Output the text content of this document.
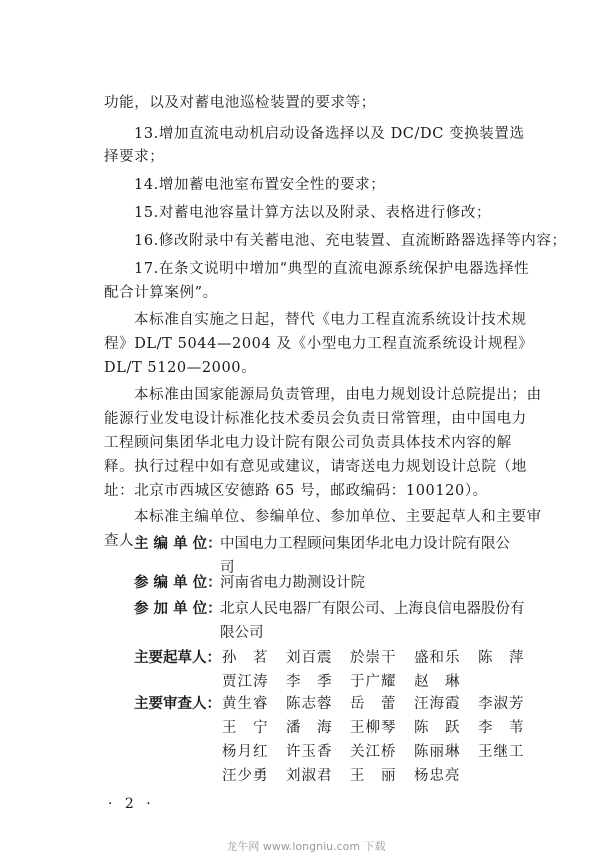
功能，以及对蓄电池巡检装置的要求等；
13.增加直流电动机启动设备选择以及 DC/DC 变换装置选
择要求；
14.增加蓄电池室布置安全性的要求；
15.对蓄电池容量计算方法以及附录、表格进行修改；
16.修改附录中有关蓄电池、充电装置、直流断路器选择等内容；
17.在条文说明中增加“典型的直流电源系统保护电器选择性
配合计算案例”。
本标准自实施之日起，替代《电力工程直流系统设计技术规
程》DL/T 5044—2004 及《小型电力工程直流系统设计规程》
DL/T 5120—2000。
本标准由国家能源局负责管理，由电力规划设计总院提出；由
能源行业发电设计标准化技术委员会负责日常管理，由中国电力
工程顾问集团华北电力设计院有限公司负责具体技术内容的解
释。执行过程中如有意见或建议，请寄送电力规划设计总院（地
址：北京市西城区安德路 65 号，邮政编码：100120）。
本标准主编单位、参编单位、参加单位、主要起草人和主要审
查人：
主 编 单 位：
中国电力工程顾问集团华北电力设计院有限公
司
参 编 单 位：
河南省电力勘测设计院
参 加 单 位：
北京人民电器厂有限公司、上海良信电器股份有
限公司
主要起草人： 孙　茗 刘百震 於崇干 盛和乐 陈　萍
贾江涛 李　季 于广耀 赵　琳
主要审查人： 黄生睿 陈志蓉 岳　蕾 汪海霞 李淑芳
王　宁 潘　海 王柳琴 陈　跃 李　苇
杨月红 许玉香 关江桥 陈丽琳 王继工
汪少勇 刘淑君 王　丽 杨忠亮
· 2 ·
龙牛网 www.longniu.com 下载
